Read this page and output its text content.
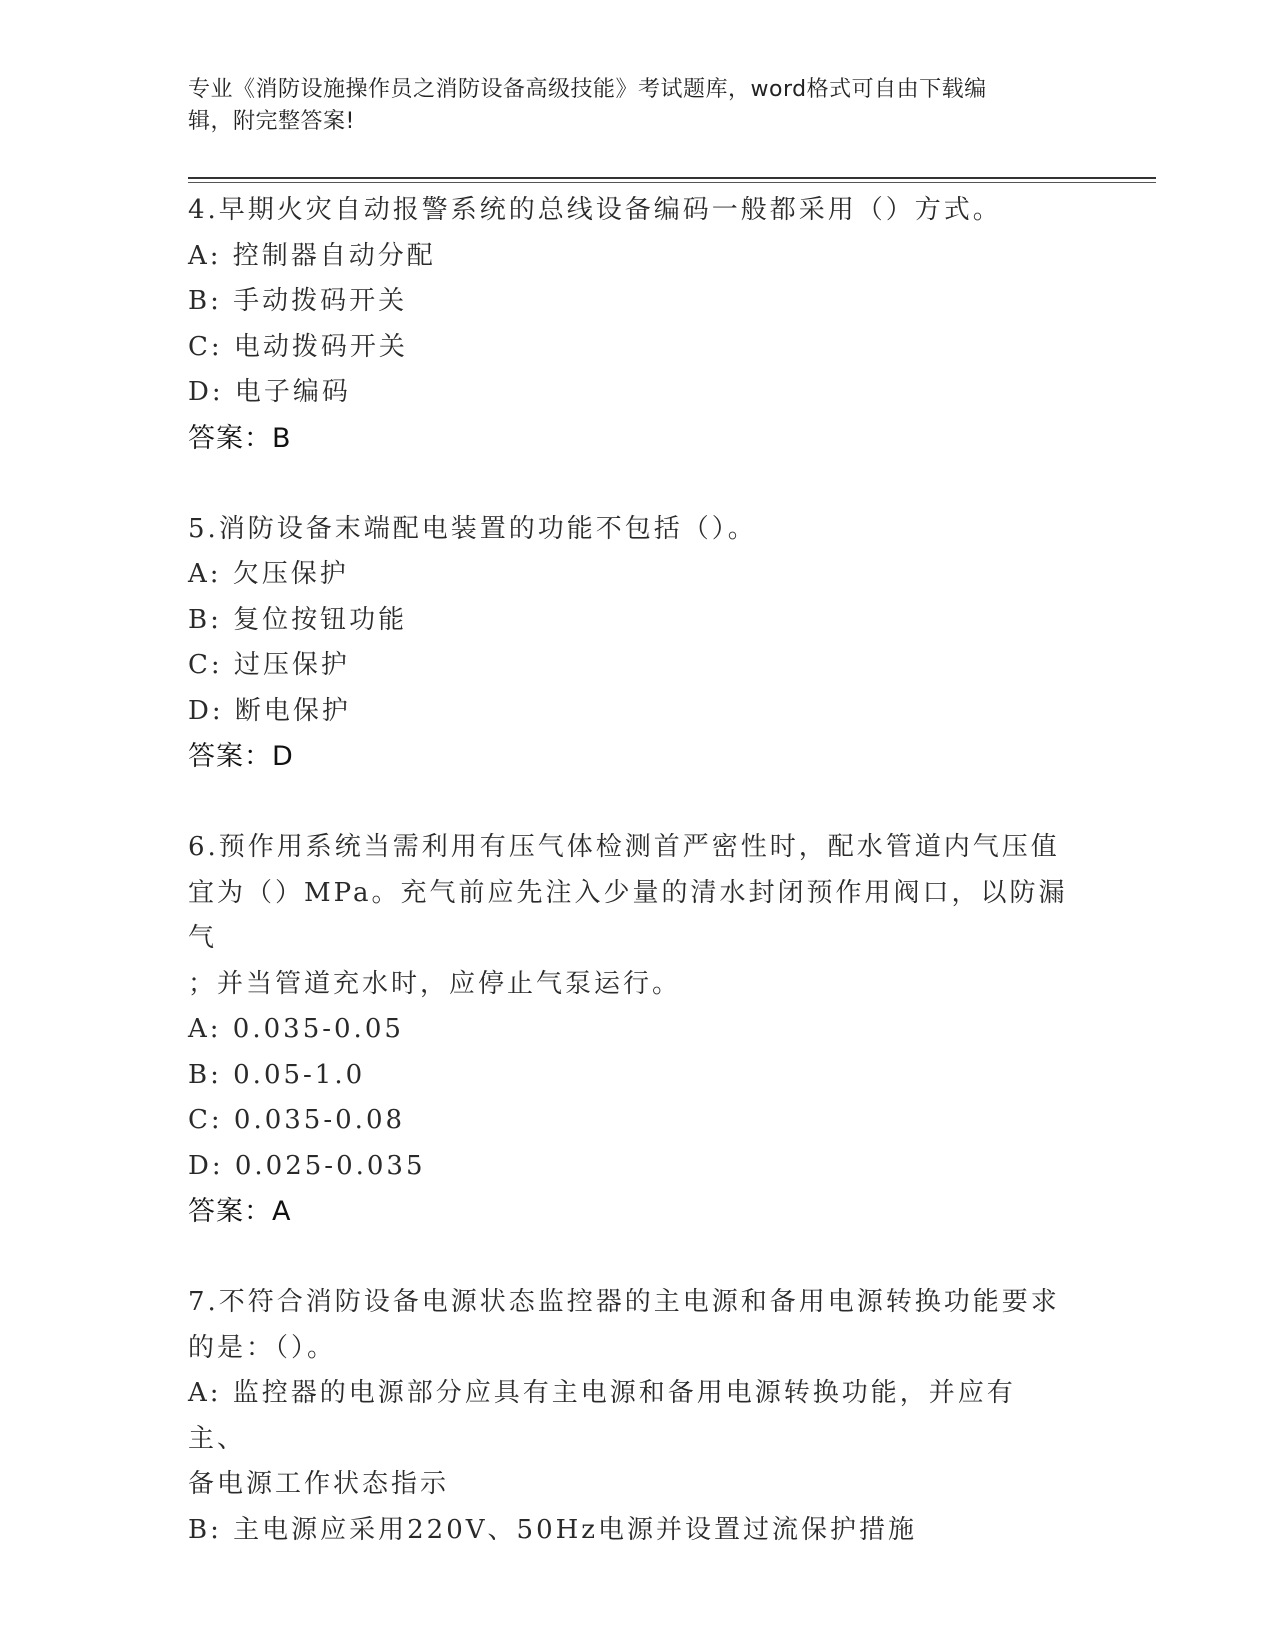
专业《消防设施操作员之消防设备高级技能》考试题库，word格式可自由下载编
辑，附完整答案!
4.早期火灾自动报警系统的总线设备编码一般都采用（）方式。
A: 控制器自动分配
B: 手动拨码开关
C: 电动拨码开关
D: 电子编码
答案：B
5.消防设备末端配电装置的功能不包括（）。
A: 欠压保护
B: 复位按钮功能
C: 过压保护
D: 断电保护
答案：D
6.预作用系统当需利用有压气体检测首严密性时，配水管道内气压值
宜为（）MPa。充气前应先注入少量的清水封闭预作用阀口，以防漏气
；并当管道充水时，应停止气泵运行。
A: 0.035-0.05
B: 0.05-1.0
C: 0.035-0.08
D: 0.025-0.035
答案：A
7.不符合消防设备电源状态监控器的主电源和备用电源转换功能要求
的是：（）。
A: 监控器的电源部分应具有主电源和备用电源转换功能，并应有主、
备电源工作状态指示
B: 主电源应采用220V、50Hz电源并设置过流保护措施
